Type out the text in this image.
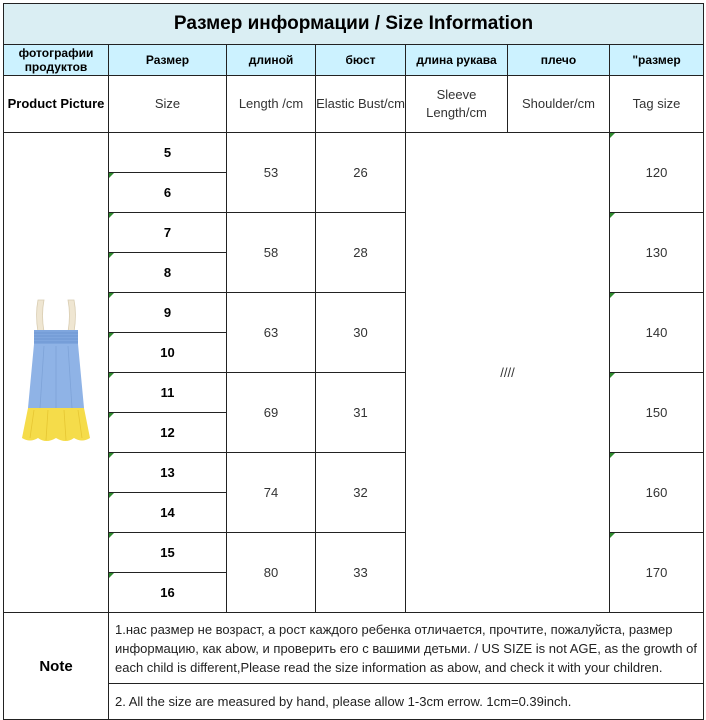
Размер информации / Size Information						
фотографии продуктов	Размер	длиной	бюст	длина рукава	плечо	"размер
Product Picture	Size	Length /cm	Elastic Bust/cm	Sleeve Length/cm	Shoulder/cm	Tag size

	5	53	26	////		120

6					

7	58	28			130

8					

9	63	30			140

10					

11	69	31			150

12					

13	74	32			160

14					

15	80	33			170

16					
Note	1.нас размер не возраст, а рост каждого ребенка отличается, прочтите, пожалуйста, размер информацию, как abow, и проверить его с вашими детьми. / US SIZE is not AGE, as the growth of each child is different,Please read the size information as abow, and check it with your children.					
	2. All the size are measured by hand, please allow 1-3cm errow. 1cm=0.39inch.					
